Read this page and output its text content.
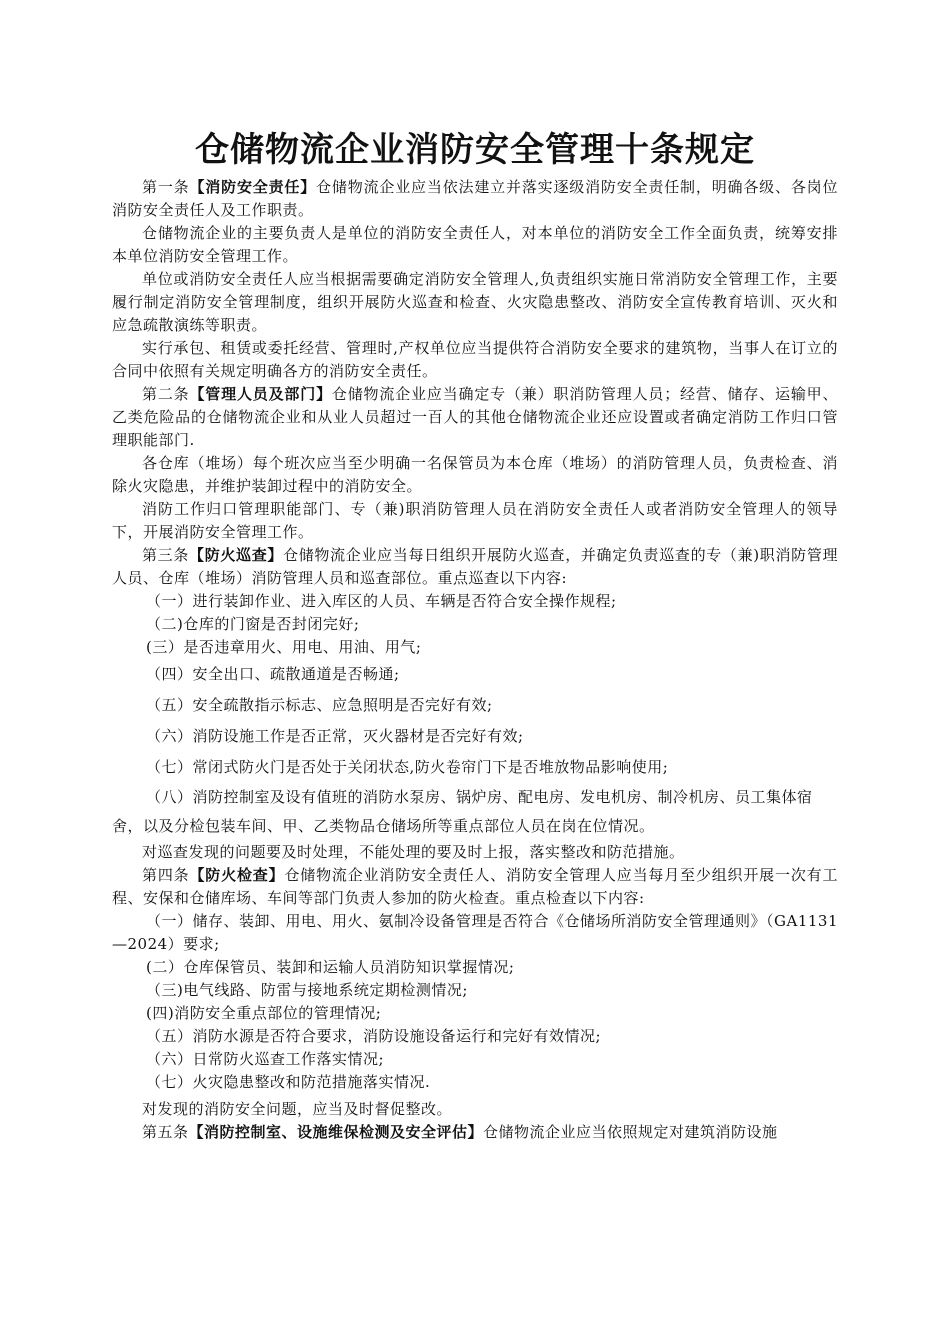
仓储物流企业消防安全管理十条规定

第一条【消防安全责任】仓储物流企业应当依法建立并落实逐级消防安全责任制，明确各级、各岗位消防安全责任人及工作职责。

仓储物流企业的主要负责人是单位的消防安全责任人，对本单位的消防安全工作全面负责，统筹安排本单位消防安全管理工作。

单位或消防安全责任人应当根据需要确定消防安全管理人,负责组织实施日常消防安全管理工作，主要履行制定消防安全管理制度，组织开展防火巡查和检查、火灾隐患整改、消防安全宣传教育培训、灭火和应急疏散演练等职责。

实行承包、租赁或委托经营、管理时,产权单位应当提供符合消防安全要求的建筑物，当事人在订立的合同中依照有关规定明确各方的消防安全责任。

第二条【管理人员及部门】仓储物流企业应当确定专（兼）职消防管理人员；经营、储存、运输甲、乙类危险品的仓储物流企业和从业人员超过一百人的其他仓储物流企业还应设置或者确定消防工作归口管理职能部门.

各仓库（堆场）每个班次应当至少明确一名保管员为本仓库（堆场）的消防管理人员，负责检查、消除火灾隐患，并维护装卸过程中的消防安全。

消防工作归口管理职能部门、专（兼)职消防管理人员在消防安全责任人或者消防安全管理人的领导下，开展消防安全管理工作。

第三条【防火巡查】仓储物流企业应当每日组织开展防火巡查，并确定负责巡查的专（兼)职消防管理人员、仓库（堆场）消防管理人员和巡查部位。重点巡查以下内容:

（一）进行装卸作业、进入库区的人员、车辆是否符合安全操作规程;

（二)仓库的门窗是否封闭完好;

(三）是否违章用火、用电、用油、用气;

（四）安全出口、疏散通道是否畅通;

（五）安全疏散指示标志、应急照明是否完好有效;

（六）消防设施工作是否正常，灭火器材是否完好有效;

（七）常闭式防火门是否处于关闭状态,防火卷帘门下是否堆放物品影响使用;

（八）消防控制室及设有值班的消防水泵房、锅炉房、配电房、发电机房、制冷机房、员工集体宿舍，以及分检包装车间、甲、乙类物品仓储场所等重点部位人员在岗在位情况。

对巡查发现的问题要及时处理，不能处理的要及时上报，落实整改和防范措施。

第四条【防火检查】仓储物流企业消防安全责任人、消防安全管理人应当每月至少组织开展一次有工程、安保和仓储库场、车间等部门负责人参加的防火检查。重点检查以下内容:

（一）储存、装卸、用电、用火、氨制冷设备管理是否符合《仓储场所消防安全管理通则》（GA1131—2024）要求;

(二）仓库保管员、装卸和运输人员消防知识掌握情况;

（三)电气线路、防雷与接地系统定期检测情况;

(四)消防安全重点部位的管理情况;

（五）消防水源是否符合要求，消防设施设备运行和完好有效情况;

（六）日常防火巡查工作落实情况;

（七）火灾隐患整改和防范措施落实情况.

对发现的消防安全问题，应当及时督促整改。

第五条【消防控制室、设施维保检测及安全评估】仓储物流企业应当依照规定对建筑消防设施
